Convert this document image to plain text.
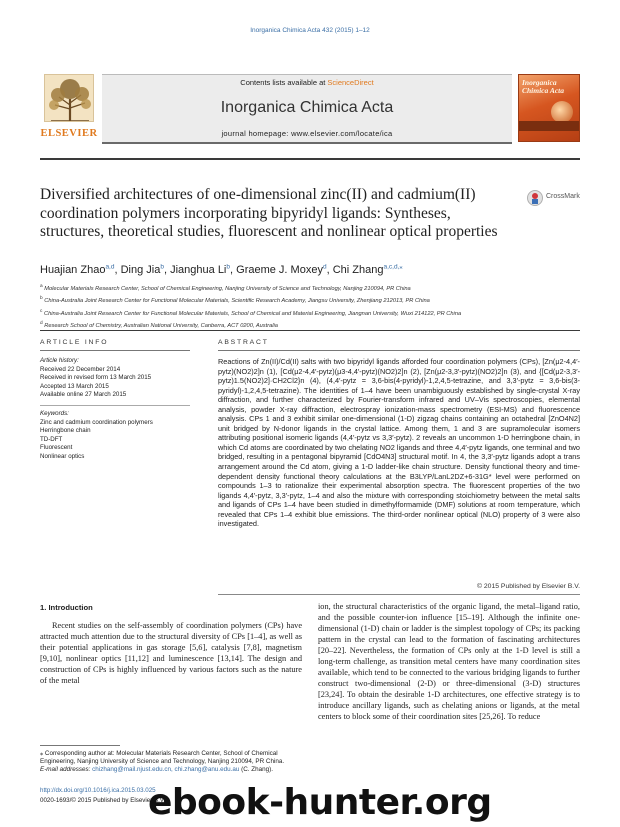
Inorganica Chimica Acta 432 (2015) 1–12
ELSEVIER
Contents lists available at ScienceDirect
Inorganica Chimica Acta
journal homepage: www.elsevier.com/locate/ica
Inorganica Chimica Acta
Diversified architectures of one-dimensional zinc(II) and cadmium(II) coordination polymers incorporating bipyridyl ligands: Syntheses, structures, theoretical studies, fluorescent and nonlinear optical properties
CrossMark
Huajian Zhao$^{a,d}$, Ding Jia$^b$, Jianghua Li$^b$, Graeme J. Moxey$^d$, Chi Zhang$^{a,c,d,⁎}$
$^a$ Molecular Materials Research Center, School of Chemical Engineering, Nanjing University of Science and Technology, Nanjing 210094, PR China
$^b$ China-Australia Joint Research Center for Functional Molecular Materials, Scientific Research Academy, Jiangsu University, Zhenjiang 212013, PR China
$^c$ China-Australia Joint Research Center for Functional Molecular Materials, School of Chemical and Material Engineering, Jiangnan University, Wuxi 214122, PR China
$^d$ Research School of Chemistry, Australian National University, Canberra, ACT 0200, Australia
ARTICLE INFO	ABSTRACT
Article history:
Received 22 December 2014
Received in revised form 13 March 2015
Accepted 13 March 2015
Available online 27 March 2015
Keywords:
Zinc and cadmium coordination polymers
Herringbone chain
TD-DFT
Fluorescent
Nonlinear optics

Reactions of Zn(II)/Cd(II) salts with two bipyridyl ligands afforded four coordination polymers (CPs), [Zn(μ2-4,4′-pytz)(NO2)2]n (1), [Cd(μ2-4,4′-pytz)(μ3-4,4′-pytz)(NO2)2]n (2), [Zn(μ2-3,3′-pytz)(NO2)2]n (3), and {[Cd(μ2-3,3′-pytz)1.5(NO2)2]·CH2Cl2}n (4), (4,4′-pytz = 3,6-bis(4-pyridyl)-1,2,4,5-tetrazine, and 3,3′-pytz = 3,6-bis(3-pyridyl)-1,2,4,5-tetrazine). The identities of 1–4 have been unambiguously established by single-crystal X-ray diffraction, and further characterized by Fourier-transform infrared and UV–Vis spectroscopies, elemental analysis, powder X-ray diffraction, electrospray ionization-mass spectrometry (ESI-MS) and fluorescence analysis. CPs 1 and 3 exhibit similar one-dimensional (1-D) zigzag chains containing an octahedral [ZnO4N2] unit bridged by N-donor ligands in the crystal lattice. Among them, 1 and 3 are supramolecular isomers attributing positional isomeric ligands (4,4′-pytz vs 3,3′-pytz). 2 reveals an uncommon 1-D herringbone chain, in which Cd atoms are coordinated by two chelating NO2 ligands and three 4,4′-pytz ligands, one terminal and two bridged, resulting in a pentagonal bipyramid [CdO4N3] structural motif. In 4, the 3,3′-pytz ligands adopt a trans arrangement around the Cd atom, giving a 1-D ladder-like chain structure. Density functional theory and time-dependent density functional theory calculations at the B3LYP/LanL2DZ+6-31G* level were performed on compounds 1–3 to rationalize their experimental absorption spectra. The fluorescent properties of the two ligands 4,4′-pytz, 3,3′-pytz, 1–4 and also the mixture with corresponding stoichiometry between the metal salts and ligands of CPs 1–4 have been studied in dimethylformamide (DMF) solutions at room temperature, which revealed that CPs 1–4 exhibit blue emissions. The third-order nonlinear optical (NLO) property of 3 were also investigated.

© 2015 Published by Elsevier B.V.
1. Introduction
Recent studies on the self-assembly of coordination polymers (CPs) have attracted much attention due to the structural diversity of CPs [1–4], as well as their potential applications in gas storage [5,6], catalysis [7,8], magnetism [9,10], nonlinear optics [11,12] and luminescence [13,14]. The design and construction of CPs is highly influenced by various factors such as the nature of the metal
ion, the structural characteristics of the organic ligand, the metal–ligand ratio, and the possible counter-ion influence [15–19]. Although the infinite one-dimensional (1-D) chain or ladder is the simplest topology of CPs; its packing pattern in the crystal can lead to the formation of fascinating architectures [20–22]. Nevertheless, the formation of CPs only at the 1-D level is still a long-term challenge, as transition metal centers have many coordination sites available, which tend to be connected to the various bridging ligands to further construct two-dimensional (2-D) or three-dimensional (3-D) structures [23,24]. To obtain the desirable 1-D architectures, one effective strategy is to introduce ancillary ligands, such as chelating anions or ligands, at the metal centers to block some of their coordination sites [25,26]. To reduce
⁎ Corresponding author at: Molecular Materials Research Center, School of Chemical Engineering, Nanjing University of Science and Technology, Nanjing 210094, PR China.
E-mail addresses: chizhang@mail.njust.edu.cn, chi.zhang@anu.edu.au (C. Zhang).
http://dx.doi.org/10.1016/j.ica.2015.03.025
0020-1693/© 2015 Published by Elsevier B.V.
ebook-hunter.org
